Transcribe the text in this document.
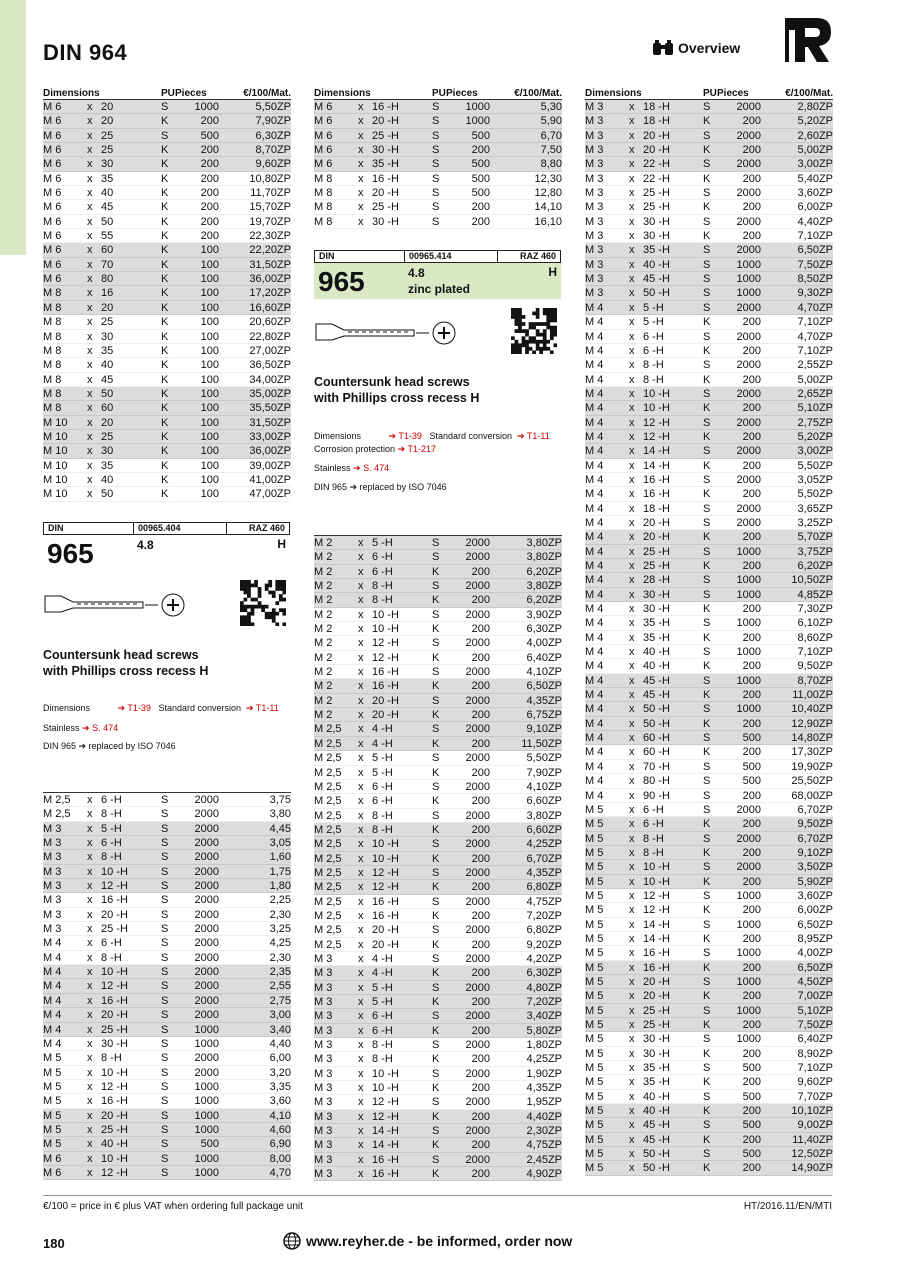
DIN 964	Overview
Dimensions	PU Pieces	€/100/Mat.
M 6	x 20	S	1000	5,50ZP
M 6	x 20	K	200	7,90ZP
M 6	x 25	S	500	6,30ZP
M 6	x 25	K	200	8,70ZP
M 6	x 30	K	200	9,60ZP
M 6	x 35	K	200	10,80ZP
M 6	x 40	K	200	11,70ZP
M 6	x 45	K	200	15,70ZP
M 6	x 50	K	200	19,70ZP
M 6	x 55	K	200	22,30ZP
M 6	x 60	K	100	22,20ZP
M 6	x 70	K	100	31,50ZP
M 6	x 80	K	100	36,00ZP
M 8	x 16	K	100	17,20ZP
M 8	x 20	K	100	16,60ZP
M 8	x 25	K	100	20,60ZP
M 8	x 30	K	100	22,80ZP
M 8	x 35	K	100	27,00ZP
M 8	x 40	K	100	36,50ZP
M 8	x 45	K	100	34,00ZP
M 8	x 50	K	100	35,00ZP
M 8	x 60	K	100	35,50ZP
M 10	x 20	K	100	31,50ZP
M 10	x 25	K	100	33,00ZP
M 10	x 30	K	100	36,00ZP
M 10	x 35	K	100	39,00ZP
M 10	x 40	K	100	41,00ZP
M 10	x 50	K	100	47,00ZP
DIN	00965.404	RAZ 460
965	4.8	H
Countersunk head screws
with Phillips cross recess H
Dimensions	➔ T1-39 Standard conversion ➔ T1-11
Stainless ➔ S. 474
DIN 965 ➔ replaced by ISO 7046
M 2,5	x 6 -H	S	2000	3,75
M 2,5	x 8 -H	S	2000	3,80
M 3	x 5 -H	S	2000	4,45
M 3	x 6 -H	S	2000	3,05
M 3	x 8 -H	S	2000	1,60
M 3	x 10 -H	S	2000	1,75
M 3	x 12 -H	S	2000	1,80
M 3	x 16 -H	S	2000	2,25
M 3	x 20 -H	S	2000	2,30
M 3	x 25 -H	S	2000	3,25
M 4	x 6 -H	S	2000	4,25
M 4	x 8 -H	S	2000	2,30
M 4	x 10 -H	S	2000	2,35
M 4	x 12 -H	S	2000	2,55
M 4	x 16 -H	S	2000	2,75
M 4	x 20 -H	S	2000	3,00
M 4	x 25 -H	S	1000	3,40
M 4	x 30 -H	S	1000	4,40
M 5	x 8 -H	S	2000	6,00
M 5	x 10 -H	S	2000	3,20
M 5	x 12 -H	S	1000	3,35
M 5	x 16 -H	S	1000	3,60
M 5	x 20 -H	S	1000	4,10
M 5	x 25 -H	S	1000	4,60
M 5	x 40 -H	S	500	6,90
M 6	x 10 -H	S	1000	8,00
M 6	x 12 -H	S	1000	4,70
Dimensions	PU Pieces	€/100/Mat.
M 6	x 16 -H	S	1000	5,30
M 6	x 20 -H	S	1000	5,90
M 6	x 25 -H	S	500	6,70
M 6	x 30 -H	S	200	7,50
M 6	x 35 -H	S	500	8,80
M 8	x 16 -H	S	500	12,30
M 8	x 20 -H	S	500	12,80
M 8	x 25 -H	S	200	14,10
M 8	x 30 -H	S	200	16,10
DIN	00965.414	RAZ 460
965	4.8
zinc plated
H
Countersunk head screws
with Phillips cross recess H
Dimensions	➔ T1-39 Standard conversion ➔ T1-11
Corrosion protection ➔ T1-217
Stainless ➔ S. 474
DIN 965 ➔ replaced by ISO 7046
M 2	x 5 -H	S	2000	3,80ZP
M 2	x 6 -H	S	2000	3,80ZP
M 2	x 6 -H	K	200	6,20ZP
M 2	x 8 -H	S	2000	3,80ZP
M 2	x 8 -H	K	200	6,20ZP
M 2	x 10 -H	S	2000	3,90ZP
M 2	x 10 -H	K	200	6,30ZP
M 2	x 12 -H	S	2000	4,00ZP
M 2	x 12 -H	K	200	6,40ZP
M 2	x 16 -H	S	2000	4,10ZP
M 2	x 16 -H	K	200	6,50ZP
M 2	x 20 -H	S	2000	4,35ZP
M 2	x 20 -H	K	200	6,75ZP
M 2,5	x 4 -H	S	2000	9,10ZP
M 2,5	x 4 -H	K	200	11,50ZP
M 2,5	x 5 -H	S	2000	5,50ZP
M 2,5	x 5 -H	K	200	7,90ZP
M 2,5	x 6 -H	S	2000	4,10ZP
M 2,5	x 6 -H	K	200	6,60ZP
M 2,5	x 8 -H	S	2000	3,80ZP
M 2,5	x 8 -H	K	200	6,60ZP
M 2,5	x 10 -H	S	2000	4,25ZP
M 2,5	x 10 -H	K	200	6,70ZP
M 2,5	x 12 -H	S	2000	4,35ZP
M 2,5	x 12 -H	K	200	6,80ZP
M 2,5	x 16 -H	S	2000	4,75ZP
M 2,5	x 16 -H	K	200	7,20ZP
M 2,5	x 20 -H	S	2000	6,80ZP
M 2,5	x 20 -H	K	200	9,20ZP
M 3	x 4 -H	S	2000	4,20ZP
M 3	x 4 -H	K	200	6,30ZP
M 3	x 5 -H	S	2000	4,80ZP
M 3	x 5 -H	K	200	7,20ZP
M 3	x 6 -H	S	2000	3,40ZP
M 3	x 6 -H	K	200	5,80ZP
M 3	x 8 -H	S	2000	1,80ZP
M 3	x 8 -H	K	200	4,25ZP
M 3	x 10 -H	S	2000	1,90ZP
M 3	x 10 -H	K	200	4,35ZP
M 3	x 12 -H	S	2000	1,95ZP
M 3	x 12 -H	K	200	4,40ZP
M 3	x 14 -H	S	2000	2,30ZP
M 3	x 14 -H	K	200	4,75ZP
M 3	x 16 -H	S	2000	2,45ZP
M 3	x 16 -H	K	200	4,90ZP
Dimensions	PU Pieces	€/100/Mat.
M 3	x 18 -H	S	2000	2,80ZP
M 3	x 18 -H	K	200	5,20ZP
M 3	x 20 -H	S	2000	2,60ZP
M 3	x 20 -H	K	200	5,00ZP
M 3	x 22 -H	S	2000	3,00ZP
M 3	x 22 -H	K	200	5,40ZP
M 3	x 25 -H	S	2000	3,60ZP
M 3	x 25 -H	K	200	6,00ZP
M 3	x 30 -H	S	2000	4,40ZP
M 3	x 30 -H	K	200	7,10ZP
M 3	x 35 -H	S	2000	6,50ZP
M 3	x 40 -H	S	1000	7,50ZP
M 3	x 45 -H	S	1000	8,50ZP
M 3	x 50 -H	S	1000	9,30ZP
M 4	x 5 -H	S	2000	4,70ZP
M 4	x 5 -H	K	200	7,10ZP
M 4	x 6 -H	S	2000	4,70ZP
M 4	x 6 -H	K	200	7,10ZP
M 4	x 8 -H	S	2000	2,55ZP
M 4	x 8 -H	K	200	5,00ZP
M 4	x 10 -H	S	2000	2,65ZP
M 4	x 10 -H	K	200	5,10ZP
M 4	x 12 -H	S	2000	2,75ZP
M 4	x 12 -H	K	200	5,20ZP
M 4	x 14 -H	S	2000	3,00ZP
M 4	x 14 -H	K	200	5,50ZP
M 4	x 16 -H	S	2000	3,05ZP
M 4	x 16 -H	K	200	5,50ZP
M 4	x 18 -H	S	2000	3,65ZP
M 4	x 20 -H	S	2000	3,25ZP
M 4	x 20 -H	K	200	5,70ZP
M 4	x 25 -H	S	1000	3,75ZP
M 4	x 25 -H	K	200	6,20ZP
M 4	x 28 -H	S	1000	10,50ZP
M 4	x 30 -H	S	1000	4,85ZP
M 4	x 30 -H	K	200	7,30ZP
M 4	x 35 -H	S	1000	6,10ZP
M 4	x 35 -H	K	200	8,60ZP
M 4	x 40 -H	S	1000	7,10ZP
M 4	x 40 -H	K	200	9,50ZP
M 4	x 45 -H	S	1000	8,70ZP
M 4	x 45 -H	K	200	11,00ZP
M 4	x 50 -H	S	1000	10,40ZP
M 4	x 50 -H	K	200	12,90ZP
M 4	x 60 -H	S	500	14,80ZP
M 4	x 60 -H	K	200	17,30ZP
M 4	x 70 -H	S	500	19,90ZP
M 4	x 80 -H	S	500	25,50ZP
M 4	x 90 -H	S	200	68,00ZP
M 5	x 6 -H	S	2000	6,70ZP
M 5	x 6 -H	K	200	9,50ZP
M 5	x 8 -H	S	2000	6,70ZP
M 5	x 8 -H	K	200	9,10ZP
M 5	x 10 -H	S	2000	3,50ZP
M 5	x 10 -H	K	200	5,90ZP
M 5	x 12 -H	S	1000	3,60ZP
M 5	x 12 -H	K	200	6,00ZP
M 5	x 14 -H	S	1000	6,50ZP
M 5	x 14 -H	K	200	8,95ZP
M 5	x 16 -H	S	1000	4,00ZP
M 5	x 16 -H	K	200	6,50ZP
M 5	x 20 -H	S	1000	4,50ZP
M 5	x 20 -H	K	200	7,00ZP
M 5	x 25 -H	S	1000	5,10ZP
M 5	x 25 -H	K	200	7,50ZP
M 5	x 30 -H	S	1000	6,40ZP
M 5	x 30 -H	K	200	8,90ZP
M 5	x 35 -H	S	500	7,10ZP
M 5	x 35 -H	K	200	9,60ZP
M 5	x 40 -H	S	500	7,70ZP
M 5	x 40 -H	K	200	10,10ZP
M 5	x 45 -H	S	500	9,00ZP
M 5	x 45 -H	K	200	11,40ZP
M 5	x 50 -H	S	500	12,50ZP
M 5	x 50 -H	K	200	14,90ZP
€/100 = price in € plus VAT when ordering full package unit	HT/2016.11/EN/MTI
180	www.reyher.de - be informed, order now
